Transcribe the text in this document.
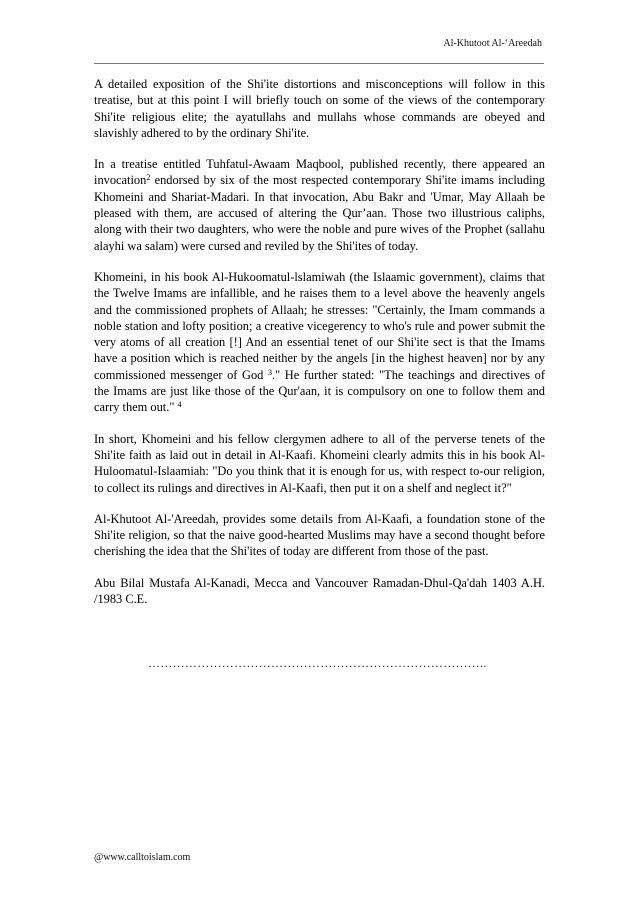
Al-Khutoot Al-‘Areedah

A detailed exposition of the Shi'ite distortions and misconceptions will follow in this treatise, but at this point I will briefly touch on some of the views of the contemporary Shi'ite religious elite; the ayatullahs and mullahs whose commands are obeyed and slavishly adhered to by the ordinary Shi'ite.

In a treatise entitled Tuhfatul-Awaam Maqbool, published recently, there appeared an invocation$^2$ endorsed by six of the most respected contemporary Shi'ite imams including Khomeini and Shariat-Madari. In that invocation, Abu Bakr and 'Umar, May Allaah be pleased with them, are accused of altering the Qur’aan. Those two illustrious caliphs, along with their two daughters, who were the noble and pure wives of the Prophet (sallahu alayhi wa salam) were cursed and reviled by the Shi'ites of today.

Khomeini, in his book Al-Hukoomatul-lslamiwah (the Islaamic government), claims that the Twelve Imams are infallible, and he raises them to a level above the heavenly angels and the commissioned prophets of Allaah; he stresses: "Certainly, the Imam commands a noble station and lofty position; a creative vicegerency to who's rule and power submit the very atoms of all creation [!] And an essential tenet of our Shi'ite sect is that the Imams have a position which is reached neither by the angels [in the highest heaven] nor by any commissioned messenger of God $^3$." He further stated: "The teachings and directives of the Imams are just like those of the Qur'aan, it is compulsory on one to follow them and carry them out." $^4$

In short, Khomeini and his fellow clergymen adhere to all of the perverse tenets of the Shi'ite faith as laid out in detail in Al-Kaafi. Khomeini clearly admits this in his book Al-Huloomatul-Islaamiah: "Do you think that it is enough for us, with respect to-our religion, to collect its rulings and directives in Al-Kaafi, then put it on a shelf and neglect it?"

Al-Khutoot Al-'Areedah, provides some details from Al-Kaafi, a foundation stone of the Shi'ite religion, so that the naive good-hearted Muslims may have a second thought before cherishing the idea that the Shi'ites of today are different from those of the past.

Abu Bilal Mustafa Al-Kanadi, Mecca and Vancouver Ramadan-Dhul-Qa'dah 1403 A.H. /1983 C.E.

………………………………………………………………………..
@www.calltoislam.com
